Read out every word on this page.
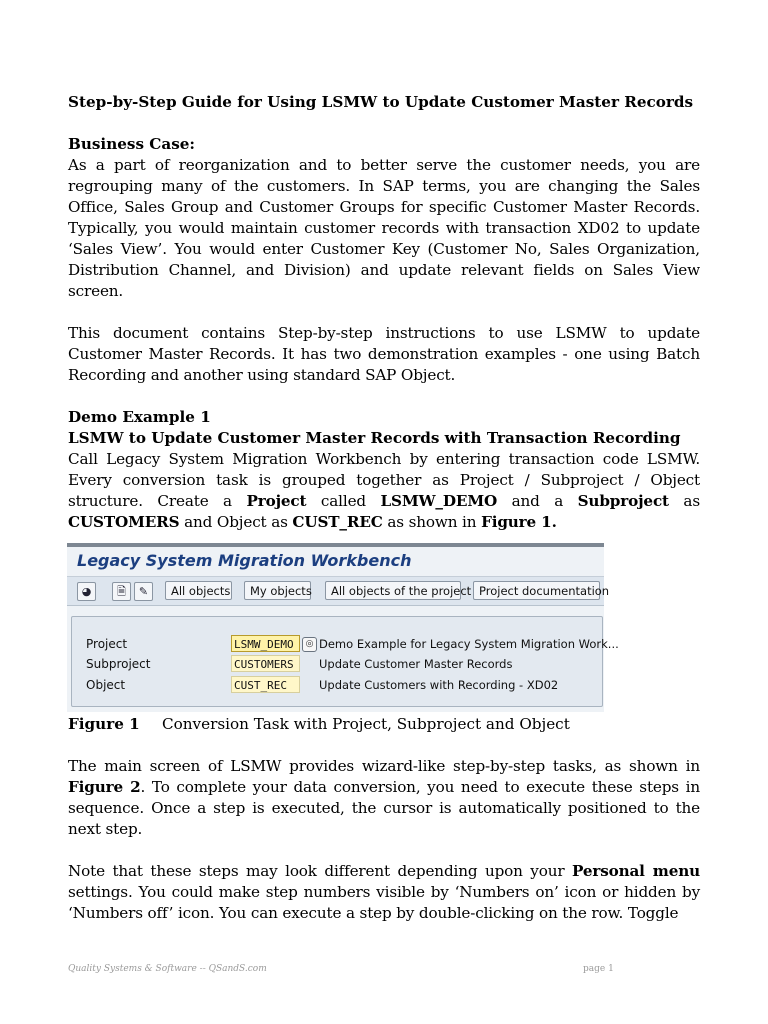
Step-by-Step Guide for Using LSMW to Update Customer Master Records

Business Case:

As a part of reorganization and to better serve the customer needs, you are regrouping many of the customers. In SAP terms, you are changing the Sales Office, Sales Group and Customer Groups for specific Customer Master Records. Typically, you would maintain customer records with transaction XD02 to update ‘Sales View’. You would enter Customer Key (Customer No, Sales Organization, Distribution Channel, and Division) and update relevant fields on Sales View screen.

This document contains Step-by-step instructions to use LSMW to update Customer Master Records. It has two demonstration examples - one using Batch Recording and another using standard SAP Object.

Demo Example 1

LSMW to Update Customer Master Records with Transaction Recording

Call Legacy System Migration Workbench by entering transaction code LSMW. Every conversion task is grouped together as Project / Subproject / Object structure. Create a Project called LSMW_DEMO and a Subproject as CUSTOMERS and Object as CUST_REC as shown in Figure 1.

Legacy System Migration Workbench
◕	🗎	✎	All objects	My objects	All objects of the project Project documentation
Project	LSMW_DEMO	◎ Demo Example for Legacy System Migration Work...
Subproject	CUSTOMERS	Update Customer Master Records
Object	CUST_REC	Update Customers with Recording - XD02

Figure 1 Conversion Task with Project, Subproject and Object

The main screen of LSMW provides wizard-like step-by-step tasks, as shown in Figure 2. To complete your data conversion, you need to execute these steps in sequence. Once a step is executed, the cursor is automatically positioned to the next step.

Note that these steps may look different depending upon your Personal menu settings. You could make step numbers visible by ‘Numbers on’ icon or hidden by ‘Numbers off’ icon. You can execute a step by double-clicking on the row. Toggle

Quality Systems & Software -- QSandS.com	page 1
